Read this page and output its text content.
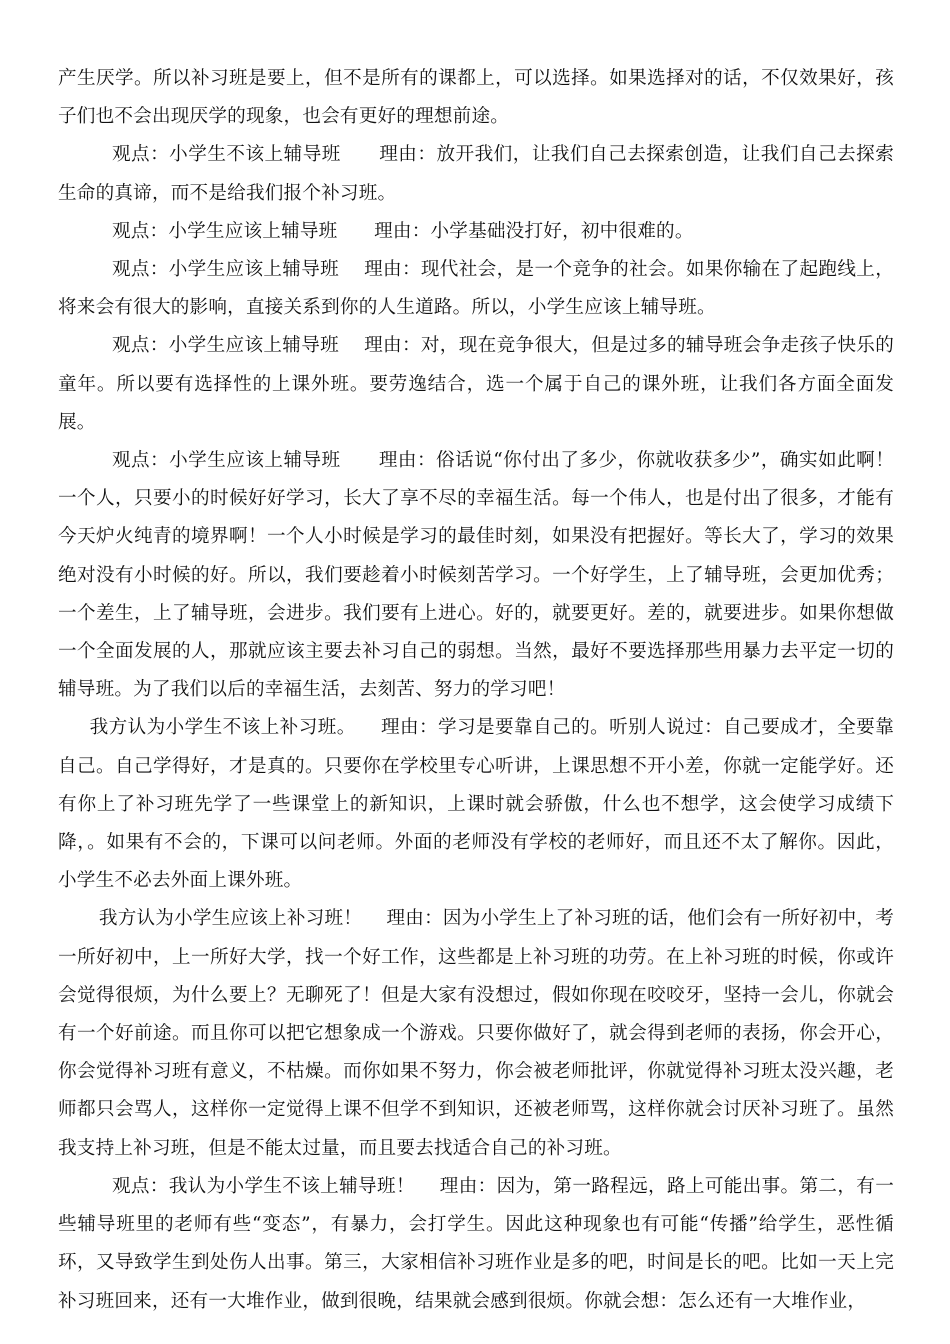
产生厌学。所以补习班是要上，但不是所有的课都上，可以选择。如果选择对的话，不仅效果好，孩子们也不会出现厌学的现象，也会有更好的理想前途。

观点：小学生不该上辅导班      理由：放开我们，让我们自己去探索创造，让我们自己去探索生命的真谛，而不是给我们报个补习班。

观点：小学生应该上辅导班      理由：小学基础没打好，初中很难的。

观点：小学生应该上辅导班    理由：现代社会，是一个竞争的社会。如果你输在了起跑线上，将来会有很大的影响，直接关系到你的人生道路。所以，小学生应该上辅导班。

观点：小学生应该上辅导班    理由：对，现在竞争很大，但是过多的辅导班会争走孩子快乐的童年。所以要有选择性的上课外班。要劳逸结合，选一个属于自己的课外班，让我们各方面全面发展。

观点：小学生应该上辅导班      理由：俗话说“你付出了多少，你就收获多少”，确实如此啊！一个人，只要小的时候好好学习，长大了享不尽的幸福生活。每一个伟人，也是付出了很多，才能有今天炉火纯青的境界啊！一个人小时候是学习的最佳时刻，如果没有把握好。等长大了，学习的效果绝对没有小时候的好。所以，我们要趁着小时候刻苦学习。一个好学生，上了辅导班，会更加优秀；一个差生，上了辅导班，会进步。我们要有上进心。好的，就要更好。差的，就要进步。如果你想做一个全面发展的人，那就应该主要去补习自己的弱想。当然，最好不要选择那些用暴力去平定一切的辅导班。为了我们以后的幸福生活，去刻苦、努力的学习吧！

我方认为小学生不该上补习班。    理由：学习是要靠自己的。听别人说过：自己要成才，全要靠自己。自己学得好，才是真的。只要你在学校里专心听讲，上课思想不开小差，你就一定能学好。还有你上了补习班先学了一些课堂上的新知识，上课时就会骄傲，什么也不想学，这会使学习成绩下降，。如果有不会的，下课可以问老师。外面的老师没有学校的老师好，而且还不太了解你。因此，小学生不必去外面上课外班。

我方认为小学生应该上补习班！    理由：因为小学生上了补习班的话，他们会有一所好初中，考一所好初中，上一所好大学，找一个好工作，这些都是上补习班的功劳。在上补习班的时候，你或许会觉得很烦，为什么要上？无聊死了！但是大家有没想过，假如你现在咬咬牙，坚持一会儿，你就会有一个好前途。而且你可以把它想象成一个游戏。只要你做好了，就会得到老师的表扬，你会开心，你会觉得补习班有意义，不枯燥。而你如果不努力，你会被老师批评，你就觉得补习班太没兴趣，老师都只会骂人，这样你一定觉得上课不但学不到知识，还被老师骂，这样你就会讨厌补习班了。虽然我支持上补习班，但是不能太过量，而且要去找适合自己的补习班。

观点：我认为小学生不该上辅导班！    理由：因为，第一路程远，路上可能出事。第二，有一些辅导班里的老师有些“变态”，有暴力，会打学生。因此这种现象也有可能“传播”给学生，恶性循环，又导致学生到处伤人出事。第三，大家相信补习班作业是多的吧，时间是长的吧。比如一天上完补习班回来，还有一大堆作业，做到很晚，结果就会感到很烦。你就会想：怎么还有一大堆作业，
